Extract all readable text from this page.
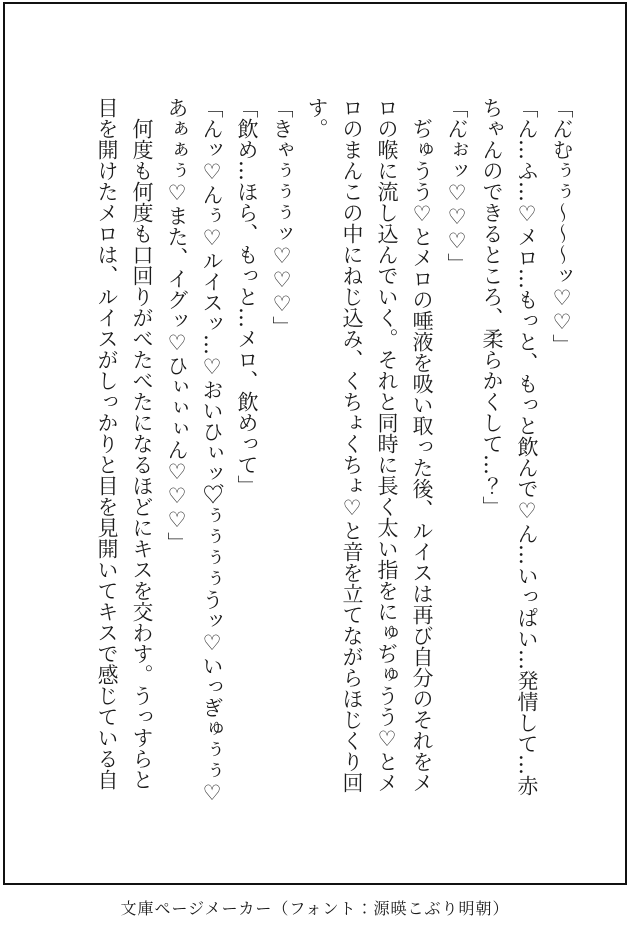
「ん゙むぅぅ～～～ッ♡♡」
「ん…ふ…♡メロ…もっと、もっと飲んで♡ん…いっぱい…発情して…赤
ちゃんのできるところ、柔らかくして…？」
「ん゙ぉッ♡♡♡」
　ぢゅうう♡とメロの唾液を吸い取った後、ルイスは再び自分のそれをメ
ロの喉に流し込んでいく。それと同時に長く太い指をにゅぢゅうう♡とメ
ロのまんこの中にねじ込み、くちょくちょ♡と音を立てながらほじくり回
す。
「きゃぅぅぅッ♡♡♡」
「飲め…ほら、もっと…メロ、飲めって」
「んッ♡んぅ♡ルイスッ…♡おいひぃッ♡゙ぅぅぅぅうッ♡いっぎゅぅぅ♡
あぁぁぅ♡また、イグッ♡ひぃぃぃん♡♡♡」
　何度も何度も口回りがべたべたになるほどにキスを交わす。うっすらと
目を開けたメロは、ルイスがしっかりと目を見開いてキスで感じている自
文庫ページメーカー（フォント：源暎こぶり明朝）
